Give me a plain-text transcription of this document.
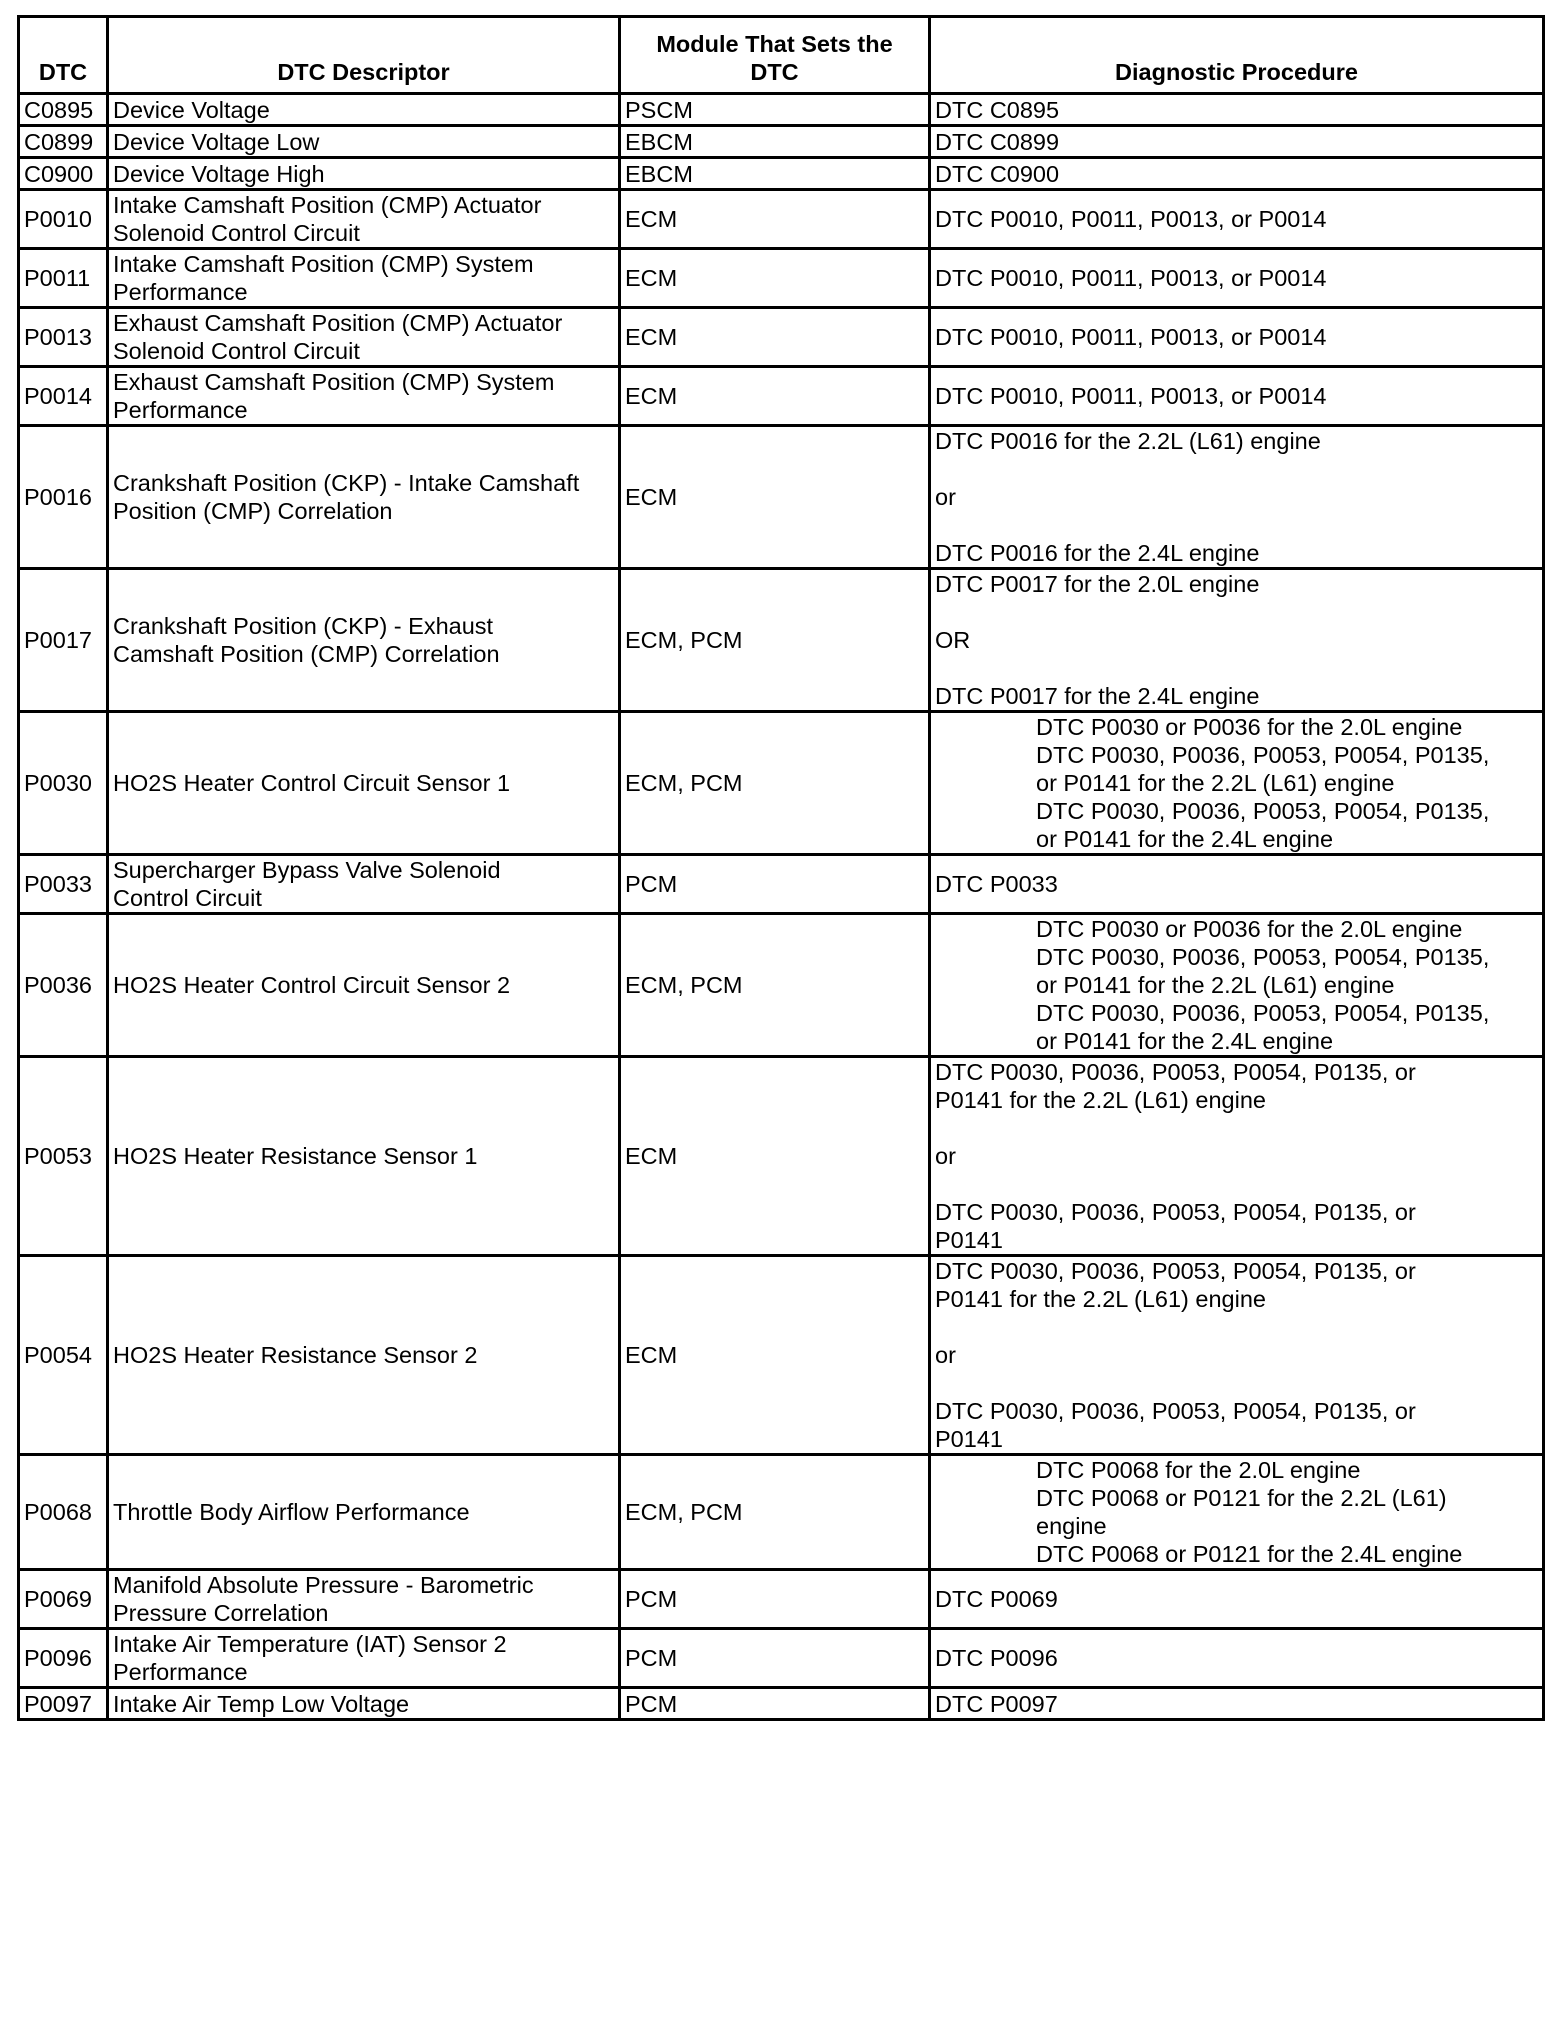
DTC	DTC Descriptor	Module That Sets the
DTC	Diagnostic Procedure

C0895	Device Voltage	PSCM	DTC C0895

C0899	Device Voltage Low	EBCM	DTC C0899

C0900	Device Voltage High	EBCM	DTC C0900

P0010	Intake Camshaft Position (CMP) Actuator
Solenoid Control Circuit	ECM	DTC P0010, P0011, P0013, or P0014

P0011	Intake Camshaft Position (CMP) System
Performance	ECM	DTC P0010, P0011, P0013, or P0014

P0013	Exhaust Camshaft Position (CMP) Actuator
Solenoid Control Circuit	ECM	DTC P0010, P0011, P0013, or P0014

P0014	Exhaust Camshaft Position (CMP) System
Performance	ECM	DTC P0010, P0011, P0013, or P0014

P0016	Crankshaft Position (CKP) - Intake Camshaft
Position (CMP) Correlation	ECM	DTC P0016 for the 2.2L (L61) engine

or

DTC P0016 for the 2.4L engine

P0017	Crankshaft Position (CKP) - Exhaust
Camshaft Position (CMP) Correlation	ECM, PCM	DTC P0017 for the 2.0L engine

OR

DTC P0017 for the 2.4L engine

P0030	HO2S Heater Control Circuit Sensor 1	ECM, PCM	DTC P0030 or P0036 for the 2.0L engine
DTC P0030, P0036, P0053, P0054, P0135,
or P0141 for the 2.2L (L61) engine
DTC P0030, P0036, P0053, P0054, P0135,
or P0141 for the 2.4L engine

P0033	Supercharger Bypass Valve Solenoid
Control Circuit	PCM	DTC P0033

P0036	HO2S Heater Control Circuit Sensor 2	ECM, PCM	DTC P0030 or P0036 for the 2.0L engine
DTC P0030, P0036, P0053, P0054, P0135,
or P0141 for the 2.2L (L61) engine
DTC P0030, P0036, P0053, P0054, P0135,
or P0141 for the 2.4L engine

P0053	HO2S Heater Resistance Sensor 1	ECM	DTC P0030, P0036, P0053, P0054, P0135, or
P0141 for the 2.2L (L61) engine

or

DTC P0030, P0036, P0053, P0054, P0135, or
P0141

P0054	HO2S Heater Resistance Sensor 2	ECM	DTC P0030, P0036, P0053, P0054, P0135, or
P0141 for the 2.2L (L61) engine

or

DTC P0030, P0036, P0053, P0054, P0135, or
P0141

P0068	Throttle Body Airflow Performance	ECM, PCM	DTC P0068 for the 2.0L engine
DTC P0068 or P0121 for the 2.2L (L61)
engine
DTC P0068 or P0121 for the 2.4L engine

P0069	Manifold Absolute Pressure - Barometric
Pressure Correlation	PCM	DTC P0069

P0096	Intake Air Temperature (IAT) Sensor 2
Performance	PCM	DTC P0096

P0097	Intake Air Temp Low Voltage	PCM	DTC P0097
